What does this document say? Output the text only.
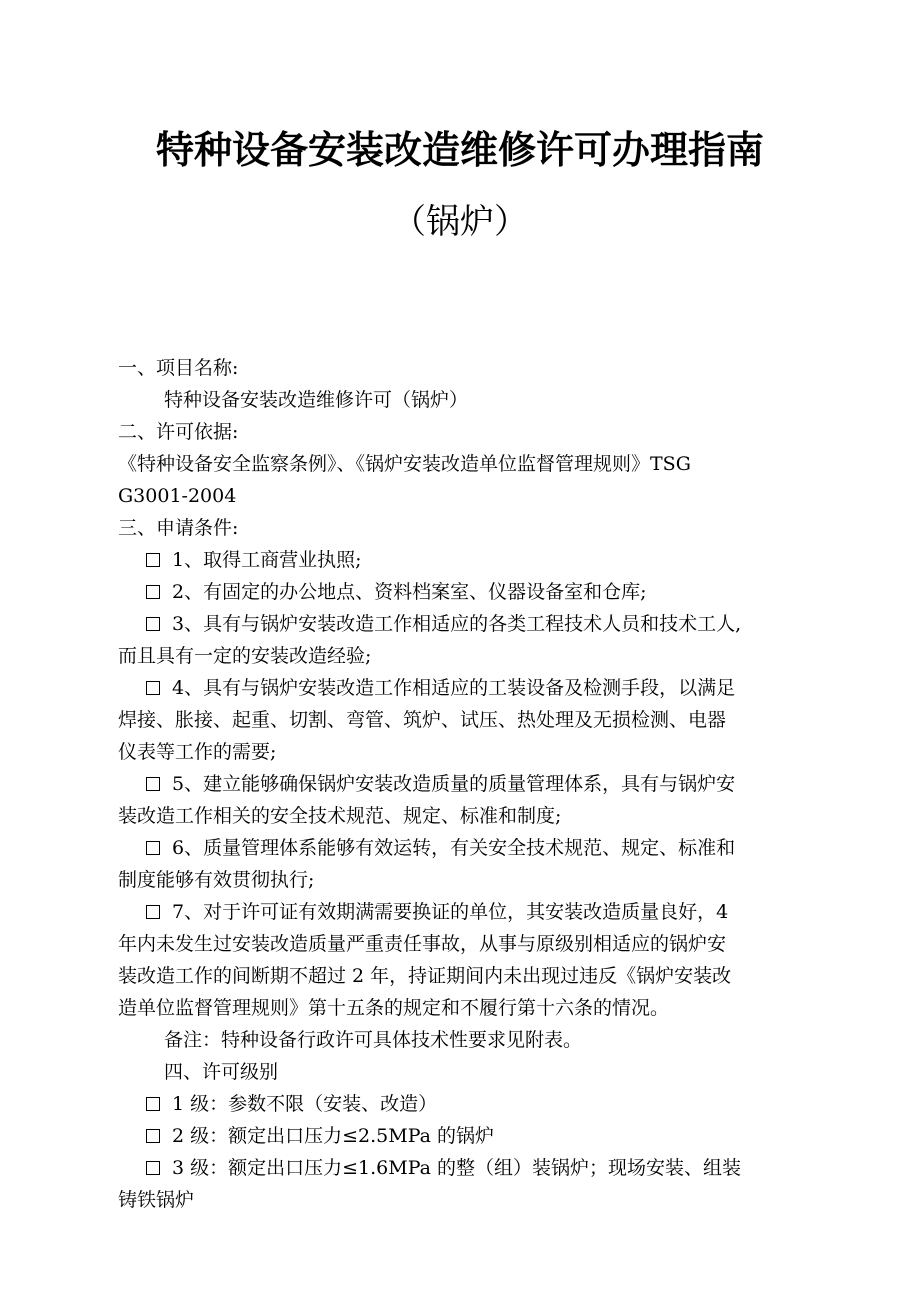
特种设备安装改造维修许可办理指南
（锅炉）
一、项目名称:
特种设备安装改造维修许可（锅炉）
二、许可依据:
《特种设备安全监察条例》、《锅炉安装改造单位监督管理规则》TSG
G3001-2004
三、申请条件:
1、取得工商营业执照;
2、有固定的办公地点、资料档案室、仪器设备室和仓库;
3、具有与锅炉安装改造工作相适应的各类工程技术人员和技术工人,
而且具有一定的安装改造经验;
4、具有与锅炉安装改造工作相适应的工装设备及检测手段，以满足
焊接、胀接、起重、切割、弯管、筑炉、试压、热处理及无损检测、电器
仪表等工作的需要;
5、建立能够确保锅炉安装改造质量的质量管理体系，具有与锅炉安
装改造工作相关的安全技术规范、规定、标准和制度;
6、质量管理体系能够有效运转，有关安全技术规范、规定、标准和
制度能够有效贯彻执行;
7、对于许可证有效期满需要换证的单位，其安装改造质量良好，4
年内未发生过安装改造质量严重责任事故，从事与原级别相适应的锅炉安
装改造工作的间断期不超过 2 年，持证期间内未出现过违反《锅炉安装改
造单位监督管理规则》第十五条的规定和不履行第十六条的情况。
备注：特种设备行政许可具体技术性要求见附表。
四、许可级别
1 级：参数不限（安装、改造）
2 级：额定出口压力≤2.5MPa 的锅炉
3 级：额定出口压力≤1.6MPa 的整（组）装锅炉；现场安装、组装
铸铁锅炉
